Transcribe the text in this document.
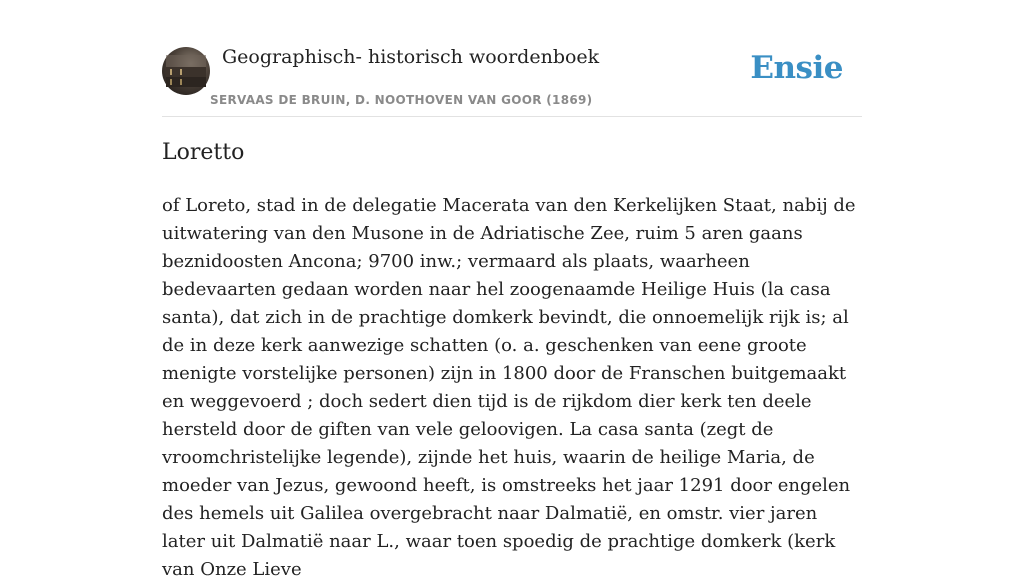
Geographisch- historisch woordenboek
SERVAAS DE BRUIN, D. NOOTHOVEN VAN GOOR (1869)
Ensie
Loretto

of Loreto, stad in de delegatie Macerata van den Kerkelijken Staat, nabij de uitwatering van den Musone in de Adriatische Zee, ruim 5 aren gaans beznidoosten Ancona; 9700 inw.; vermaard als plaats, waarheen bedevaarten gedaan worden naar hel zoogenaamde Heilige Huis (la casa santa), dat zich in de prachtige domkerk bevindt, die onnoemelijk rijk is; al de in deze kerk aanwezige schatten (o. a. geschenken van eene groote menigte vorstelijke personen) zijn in 1800 door de Franschen buitgemaakt en weggevoerd ; doch sedert dien tijd is de rijkdom dier kerk ten deele hersteld door de giften van vele geloovigen. La casa santa (zegt de vroomchristelijke legende), zijnde het huis, waarin de heilige Maria, de moeder van Jezus, gewoond heeft, is omstreeks het jaar 1291 door engelen des hemels uit Galilea overgebracht naar Dalmatië, en omstr. vier jaren later uit Dalmatië naar L., waar toen spoedig de prachtige domkerk (kerk van Onze Lieve
